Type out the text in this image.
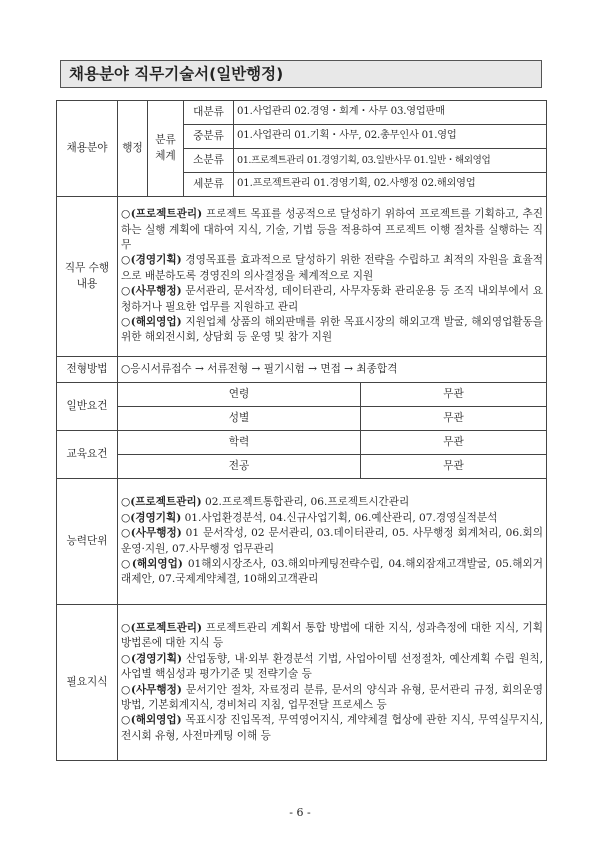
채용분야 직무기술서(일반행정)
채용분야	행정	분류 체계	대분류	01.사업관리 02.경영・회계・사무 03.영업판매	
			중분류	01.사업관리 01.기획・사무, 02.총무인사 01.영업	
			소분류	01.프로젝트관리 01.경영기획, 03.일반사무 01.일반・해외영업	
			세분류	01.프로젝트관리 01.경영기획, 02.사행정 02.해외영업	
직무 수행내용	○(프로젝트관리) 프로젝트 목표를 성공적으로 달성하기 위하여 프로젝트를 기획하고, 추진하는 실행 계획에 대하여 지식, 기술, 기법 등을 적용하여 프로젝트 이행 절차를 실행하는 직무

○(경영기획) 경영목표를 효과적으로 달성하기 위한 전략을 수립하고 최적의 자원을 효율적으로 배분하도록 경영진의 의사결정을 체계적으로 지원

○(사무행정) 문서관리, 문서작성, 데이터관리, 사무자동화 관리운용 등 조직 내외부에서 요청하거나 필요한 업무를 지원하고 관리

○(해외영업) 지원업체 상품의 해외판매를 위한 목표시장의 해외고객 발굴, 해외영업활동을 위한 해외전시회, 상담회 등 운영 및 참가 지원				

전형방법	○응시서류접수 → 서류전형 → 필기시험 → 면접 → 최종합격				
일반요건	연령				무관
	성별				무관
교육요건	학력				무관
	전공				무관
능력단위	○(프로젝트관리) 02.프로젝트통합관리, 06.프로젝트시간관리

○(경영기획) 01.사업환경분석, 04.신규사업기획, 06.예산관리, 07.경영실적분석

○(사무행정) 01 문서작성, 02 문서관리, 03.데이터관리, 05. 사무행정 회계처리, 06.회의운영·지원, 07.사무행정 업무관리

○(해외영업) 01해외시장조사, 03.해외마케팅전략수립, 04.해외잠재고객발굴, 05.해외거래제안, 07.국제계약체결, 10해외고객관리				

필요지식	○(프로젝트관리) 프로젝트관리 계획서 통합 방법에 대한 지식, 성과측정에 대한 지식, 기획방법론에 대한 지식 등

○(경영기획) 산업동향, 내·외부 환경분석 기법, 사업아이템 선정절차, 예산계획 수립 원칙, 사업별 핵심성과 평가기준 및 전략기술 등

○(사무행정) 문서기안 절차, 자료정리 분류, 문서의 양식과 유형, 문서관리 규정, 회의운영방법, 기본회계지식, 경비처리 지침, 업무전달 프로세스 등

○(해외영업) 목표시장 진입목적, 무역영어지식, 계약체결 협상에 관한 지식, 무역실무지식, 전시회 유형, 사전마케팅 이해 등				

- 6 -
